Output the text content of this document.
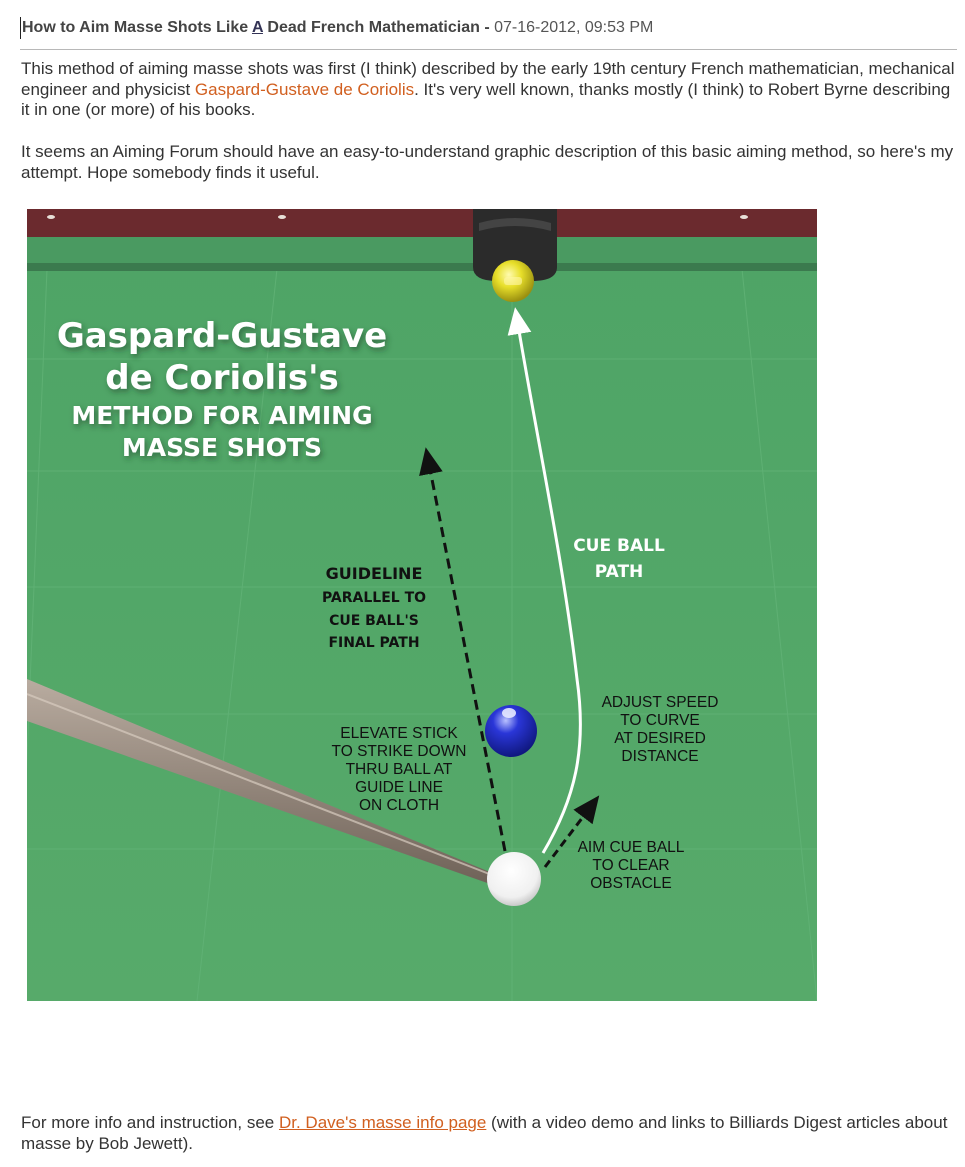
How to Aim Masse Shots Like A Dead French Mathematician - 07-16-2012, 09:53 PM
This method of aiming masse shots was first (I think) described by the early 19th century French mathematician, mechanical engineer and physicist Gaspard-Gustave de Coriolis. It's very well known, thanks mostly (I think) to Robert Byrne describing it in one (or more) of his books.
It seems an Aiming Forum should have an easy-to-understand graphic description of this basic aiming method, so here's my attempt. Hope somebody finds it useful.
Gaspard-Gustave
de Coriolis's
METHOD FOR AIMING
MASSE SHOTS
CUE BALL
PATH
GUIDELINE
PARALLEL TO
CUE BALL'S
FINAL PATH
ADJUST SPEED
TO CURVE
AT DESIRED
DISTANCE
ELEVATE STICK
TO STRIKE DOWN
THRU BALL AT
GUIDE LINE
ON CLOTH
AIM CUE BALL
TO CLEAR
OBSTACLE
For more info and instruction, see Dr. Dave's masse info page (with a video demo and links to Billiards Digest articles about masse by Bob Jewett).
